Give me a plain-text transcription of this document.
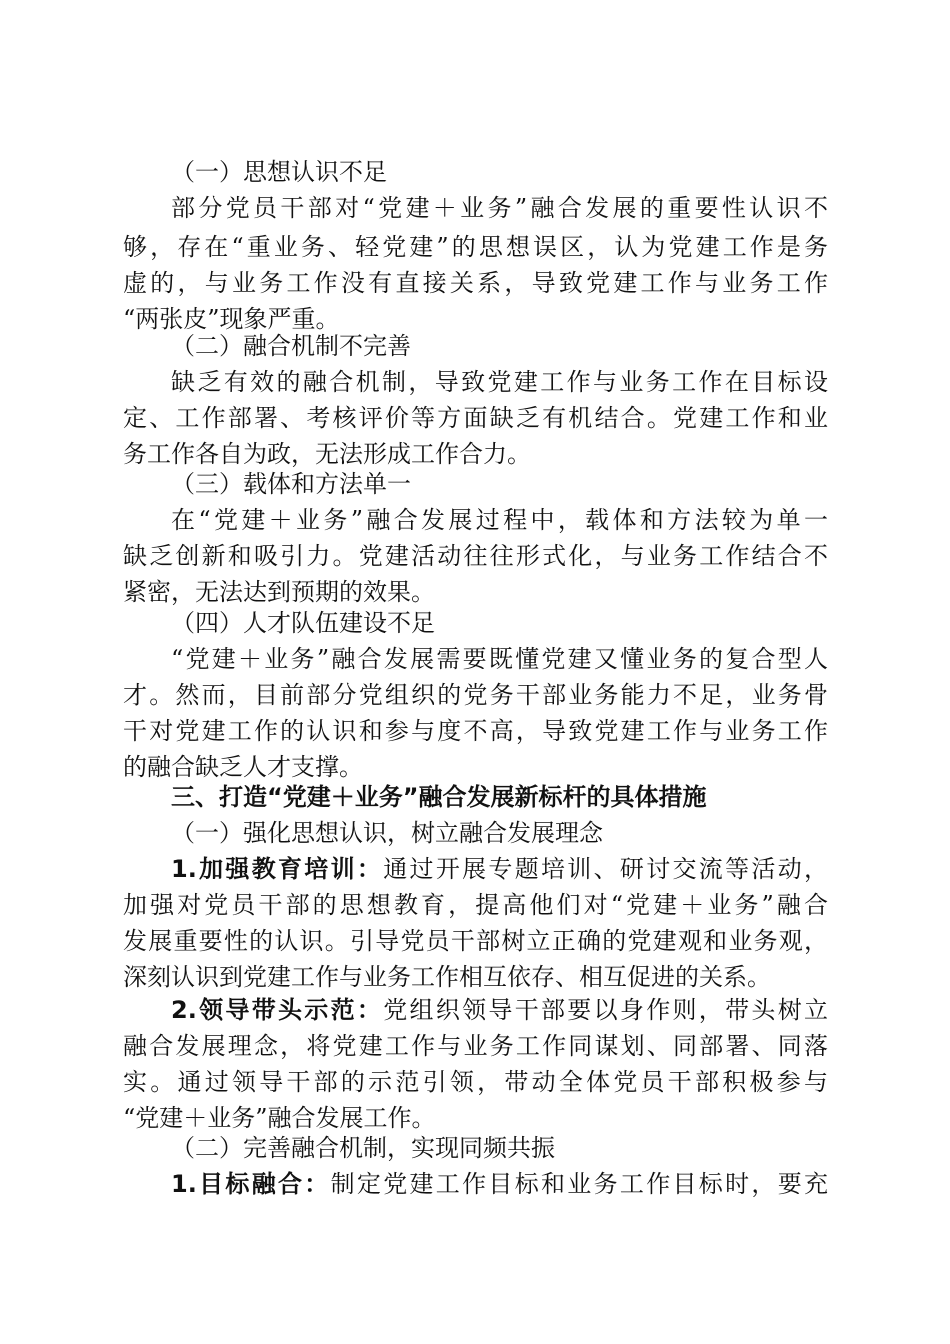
（一）思想认识不足
部分党员干部对“党建＋业务”融合发展的重要性认识不
够，存在“重业务、轻党建”的思想误区，认为党建工作是务
虚的，与业务工作没有直接关系，导致党建工作与业务工作
“两张皮”现象严重。
（二）融合机制不完善
缺乏有效的融合机制，导致党建工作与业务工作在目标设
定、工作部署、考核评价等方面缺乏有机结合。党建工作和业
务工作各自为政，无法形成工作合力。
（三）载体和方法单一
在“党建＋业务”融合发展过程中，载体和方法较为单一
缺乏创新和吸引力。党建活动往往形式化，与业务工作结合不
紧密，无法达到预期的效果。
（四）人才队伍建设不足
“党建＋业务”融合发展需要既懂党建又懂业务的复合型人
才。然而，目前部分党组织的党务干部业务能力不足，业务骨
干对党建工作的认识和参与度不高，导致党建工作与业务工作
的融合缺乏人才支撑。
三、打造“党建＋业务”融合发展新标杆的具体措施
（一）强化思想认识，树立融合发展理念
1.加强教育培训：通过开展专题培训、研讨交流等活动，
加强对党员干部的思想教育，提高他们对“党建＋业务”融合
发展重要性的认识。引导党员干部树立正确的党建观和业务观，
深刻认识到党建工作与业务工作相互依存、相互促进的关系。
2.领导带头示范：党组织领导干部要以身作则，带头树立
融合发展理念，将党建工作与业务工作同谋划、同部署、同落
实。通过领导干部的示范引领，带动全体党员干部积极参与
“党建＋业务”融合发展工作。
（二）完善融合机制，实现同频共振
1.目标融合：制定党建工作目标和业务工作目标时，要充
